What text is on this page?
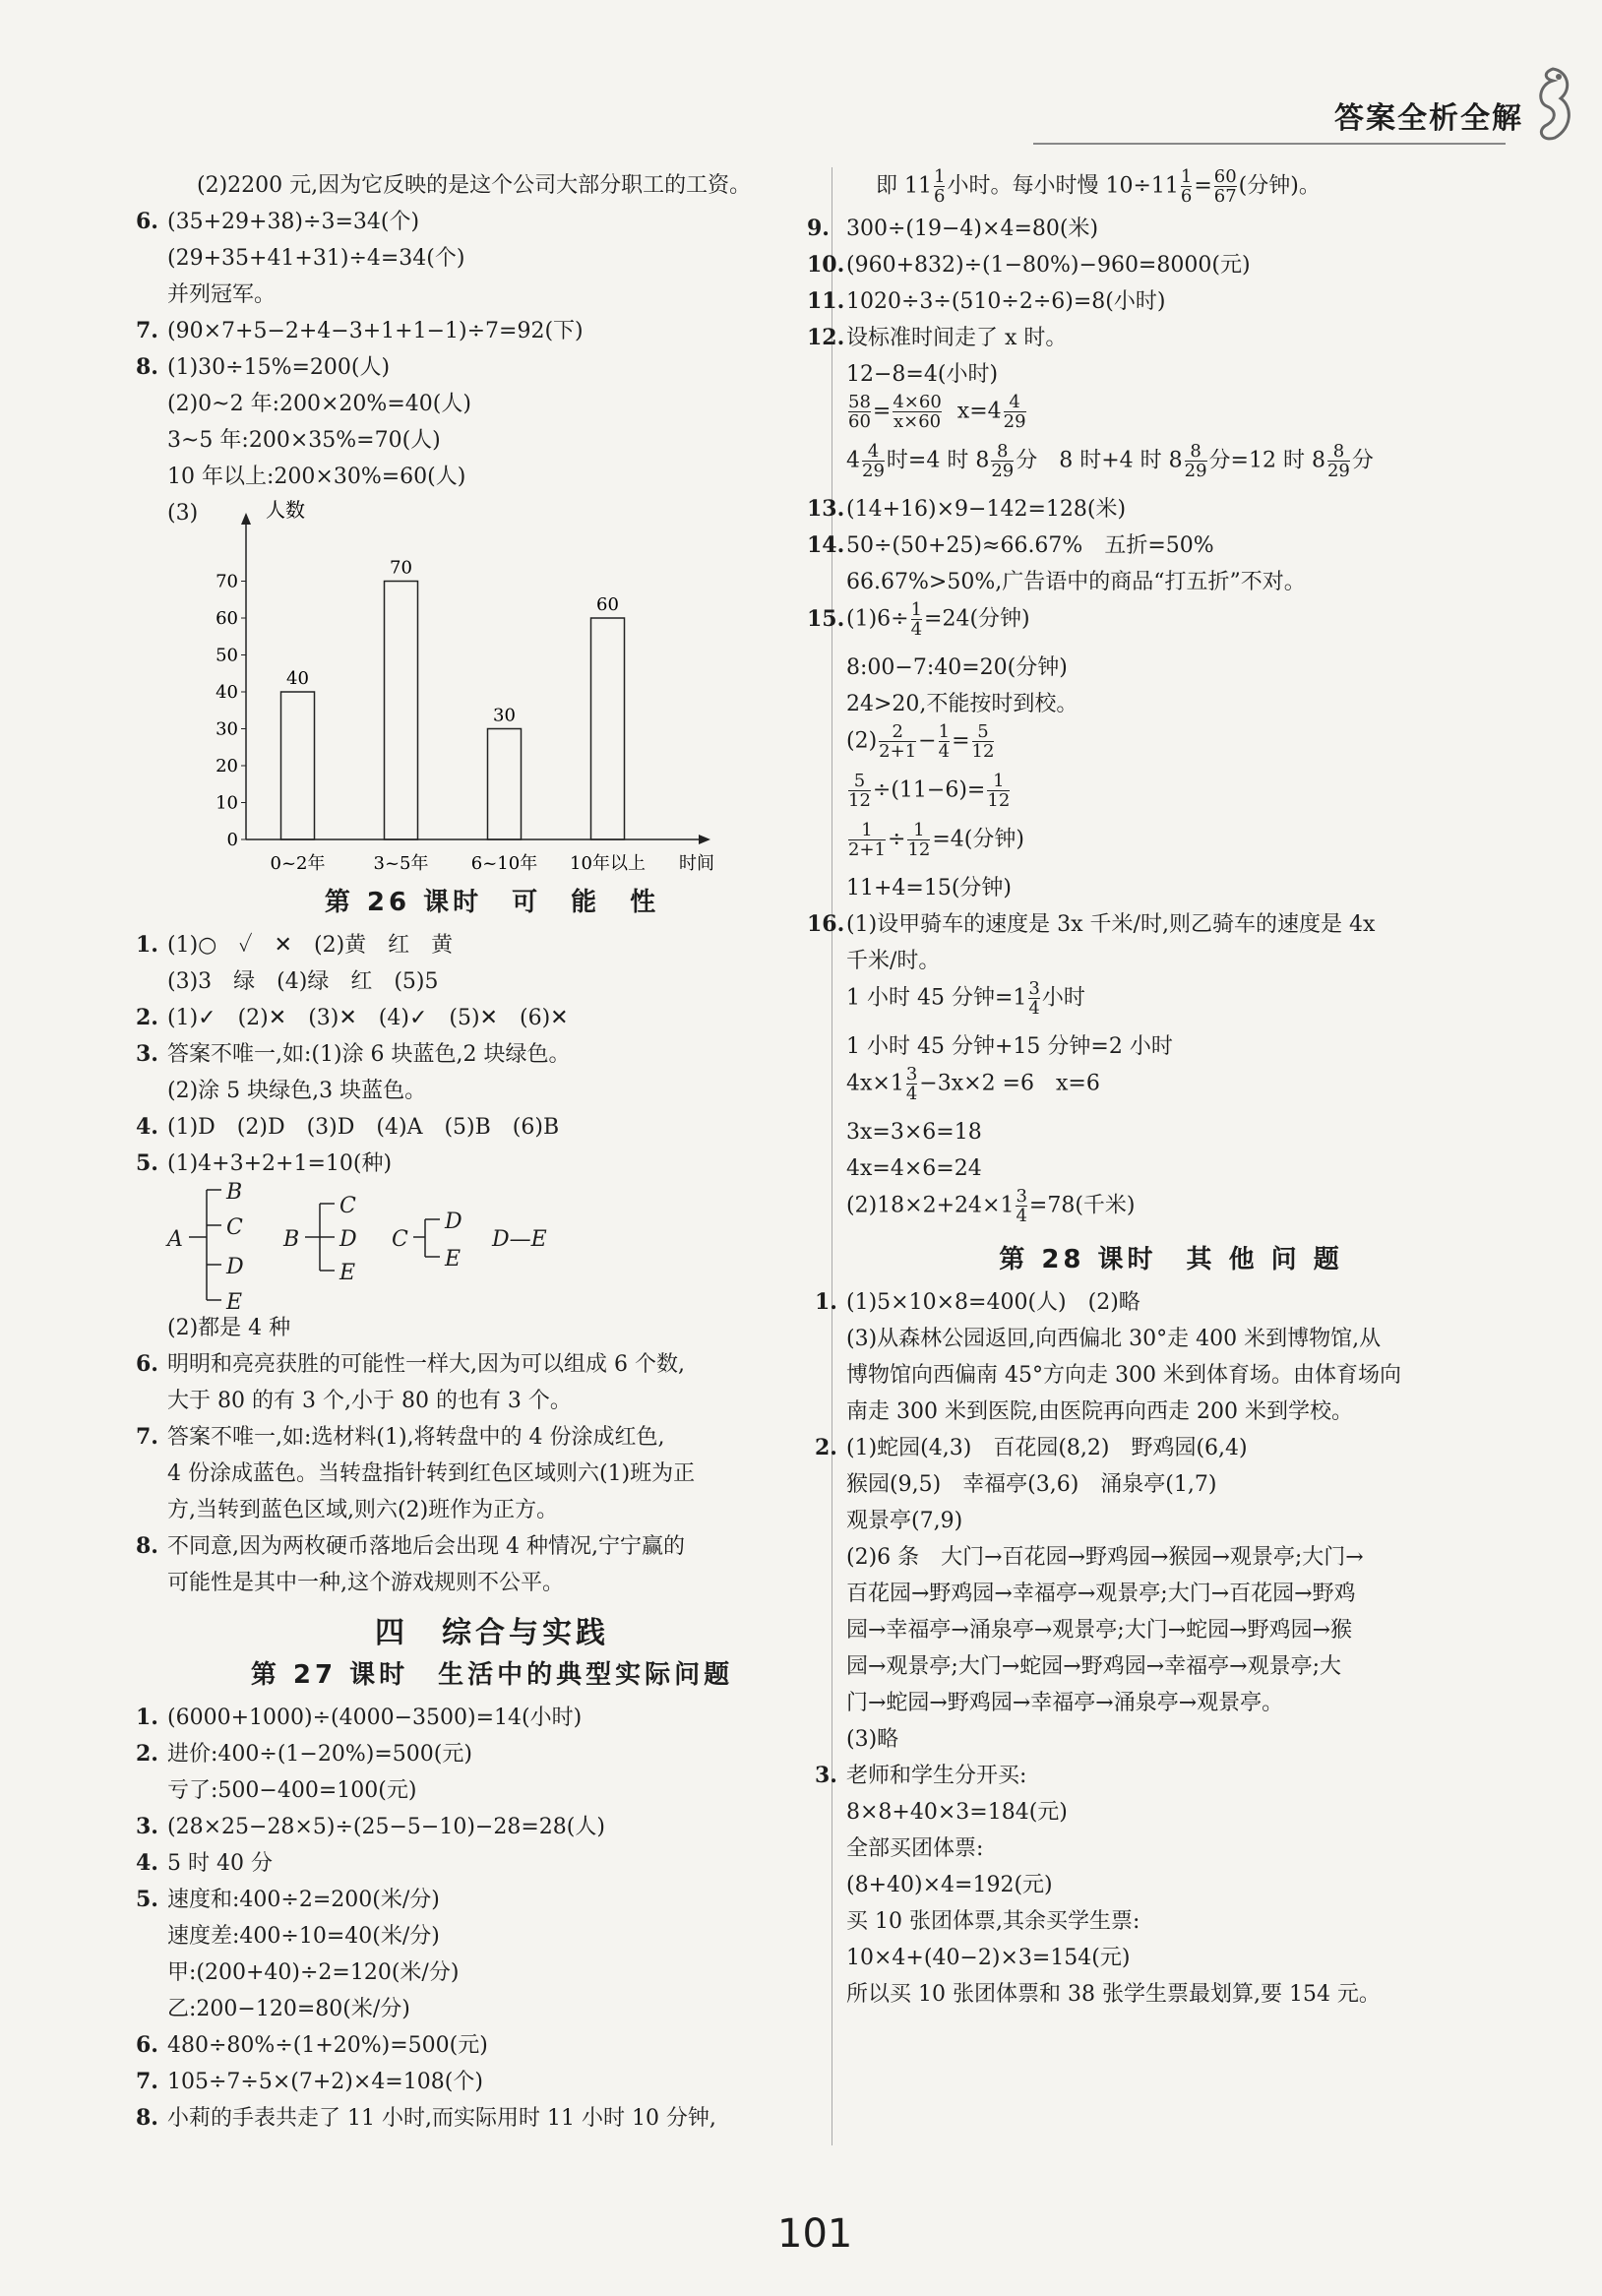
答案全析全解
(2)2200 元,因为它反映的是这个公司大部分职工的工资。
6. (35+29+38)÷3=34(个)
(29+35+41+31)÷4=34(个)
并列冠军。
7. (90×7+5−2+4−3+1+1−1)÷7=92(下)
8. (1)30÷15%=200(人)
(2)0~2 年:200×20%=40(人)
3~5 年:200×35%=70(人)
10 年以上:200×30%=60(人)
(3)	人数
时间
0
10
20
30
40
50
60
70
40
0~2年
70
3~5年
30
6~10年
60
10年以上
第 26 课时　可　能　性
1. (1)○　✓　✕　(2)黄　红　黄
(3)3　绿　(4)绿　红　(5)5
2. (1)✓　(2)✕　(3)✕　(4)✓　(5)✕　(6)✕
3. 答案不唯一,如:(1)涂 6 块蓝色,2 块绿色。
(2)涂 5 块绿色,3 块蓝色。
4. (1)D　(2)D　(3)D　(4)A　(5)B　(6)B
5. (1)4+3+2+1=10(种)
A
B
C
D
E
B
C
D
E
C
D
E
D—E
(2)都是 4 种
6. 明明和亮亮获胜的可能性一样大,因为可以组成 6 个数,
大于 80 的有 3 个,小于 80 的也有 3 个。
7. 答案不唯一,如:选材料(1),将转盘中的 4 份涂成红色,
4 份涂成蓝色。当转盘指针转到红色区域则六(1)班为正
方,当转到蓝色区域,则六(2)班作为正方。
8. 不同意,因为两枚硬币落地后会出现 4 种情况,宁宁赢的
可能性是其中一种,这个游戏规则不公平。
四　综合与实践
第 27 课时　生活中的典型实际问题
1. (6000+1000)÷(4000−3500)=14(小时)
2. 进价:400÷(1−20%)=500(元)
亏了:500−400=100(元)
3. (28×25−28×5)÷(25−5−10)−28=28(人)
4. 5 时 40 分
5. 速度和:400÷2=200(米/分)
速度差:400÷10=40(米/分)
甲:(200+40)÷2=120(米/分)
乙:200−120=80(米/分)
6. 480÷80%÷(1+20%)=500(元)
7. 105÷7÷5×(7+2)×4=108(个)
8. 小莉的手表共走了 11 小时,而实际用时 11 小时 10 分钟,
即 $11 \frac{1}{6}$ 小时。每小时慢 $10\div 11 \frac{1}{6} = \frac{60}{67}$ (分钟)。
9. 300÷(19−4)×4=80(米)
10.(960+832)÷(1−80%)−960=8000(元)
11.1020÷3÷(510÷2÷6)=8(小时)
12.设标准时间走了 x 时。
12−8=4(小时)
$\frac{58}{60} = \frac{4\times 60}{x\times 60} x=4 \frac{4}{29}$
$4 \frac{4}{29}$ 时=4 时 $8 \frac{8}{29}$ 分　8 时+4 时 $8 \frac{8}{29}$ 分=12 时 $8 \frac{8}{29}$ 分
13.(14+16)×9−142=128(米)
14.50÷(50+25)≈66.67%　五折=50%
66.67%>50%,广告语中的商品“打五折”不对。
$15.(1)6\div \frac{1}{4} =24$(分钟)
8:00−7:40=20(分钟)
24>20,不能按时到校。
$(2) \frac{2}{2+1} - \frac{1}{4} = \frac{5}{12}$
$\frac{5}{12} \div(11-6)= \frac{1}{12}$
$\frac{1}{2+1} \div \frac{1}{12} =4$(分钟)
11+4=15(分钟)
16.(1)设甲骑车的速度是 3x 千米/时,则乙骑车的速度是 4x
千米/时。
1 小时 45 分钟$=1 \frac{3}{4}$ 小时
1 小时 45 分钟+15 分钟=2 小时
$4x\times 1 \frac{3}{4} -3x\times 2 =6$　x=6
3x=3×6=18
4x=4×6=24
$(2)18\times 2+24\times 1 \frac{3}{4} =78$(千米)
第 28 课时　其 他 问 题
1. (1)5×10×8=400(人)　(2)略
(3)从森林公园返回,向西偏北 30°走 400 米到博物馆,从
博物馆向西偏南 45°方向走 300 米到体育场。由体育场向
南走 300 米到医院,由医院再向西走 200 米到学校。
2. (1)蛇园(4,3)　百花园(8,2)　野鸡园(6,4)
猴园(9,5)　幸福亭(3,6)　涌泉亭(1,7)
观景亭(7,9)
(2)6 条　大门→百花园→野鸡园→猴园→观景亭;大门→
百花园→野鸡园→幸福亭→观景亭;大门→百花园→野鸡
园→幸福亭→涌泉亭→观景亭;大门→蛇园→野鸡园→猴
园→观景亭;大门→蛇园→野鸡园→幸福亭→观景亭;大
门→蛇园→野鸡园→幸福亭→涌泉亭→观景亭。
(3)略
3. 老师和学生分开买:
8×8+40×3=184(元)
全部买团体票:
(8+40)×4=192(元)
买 10 张团体票,其余买学生票:
10×4+(40−2)×3=154(元)
所以买 10 张团体票和 38 张学生票最划算,要 154 元。
101
